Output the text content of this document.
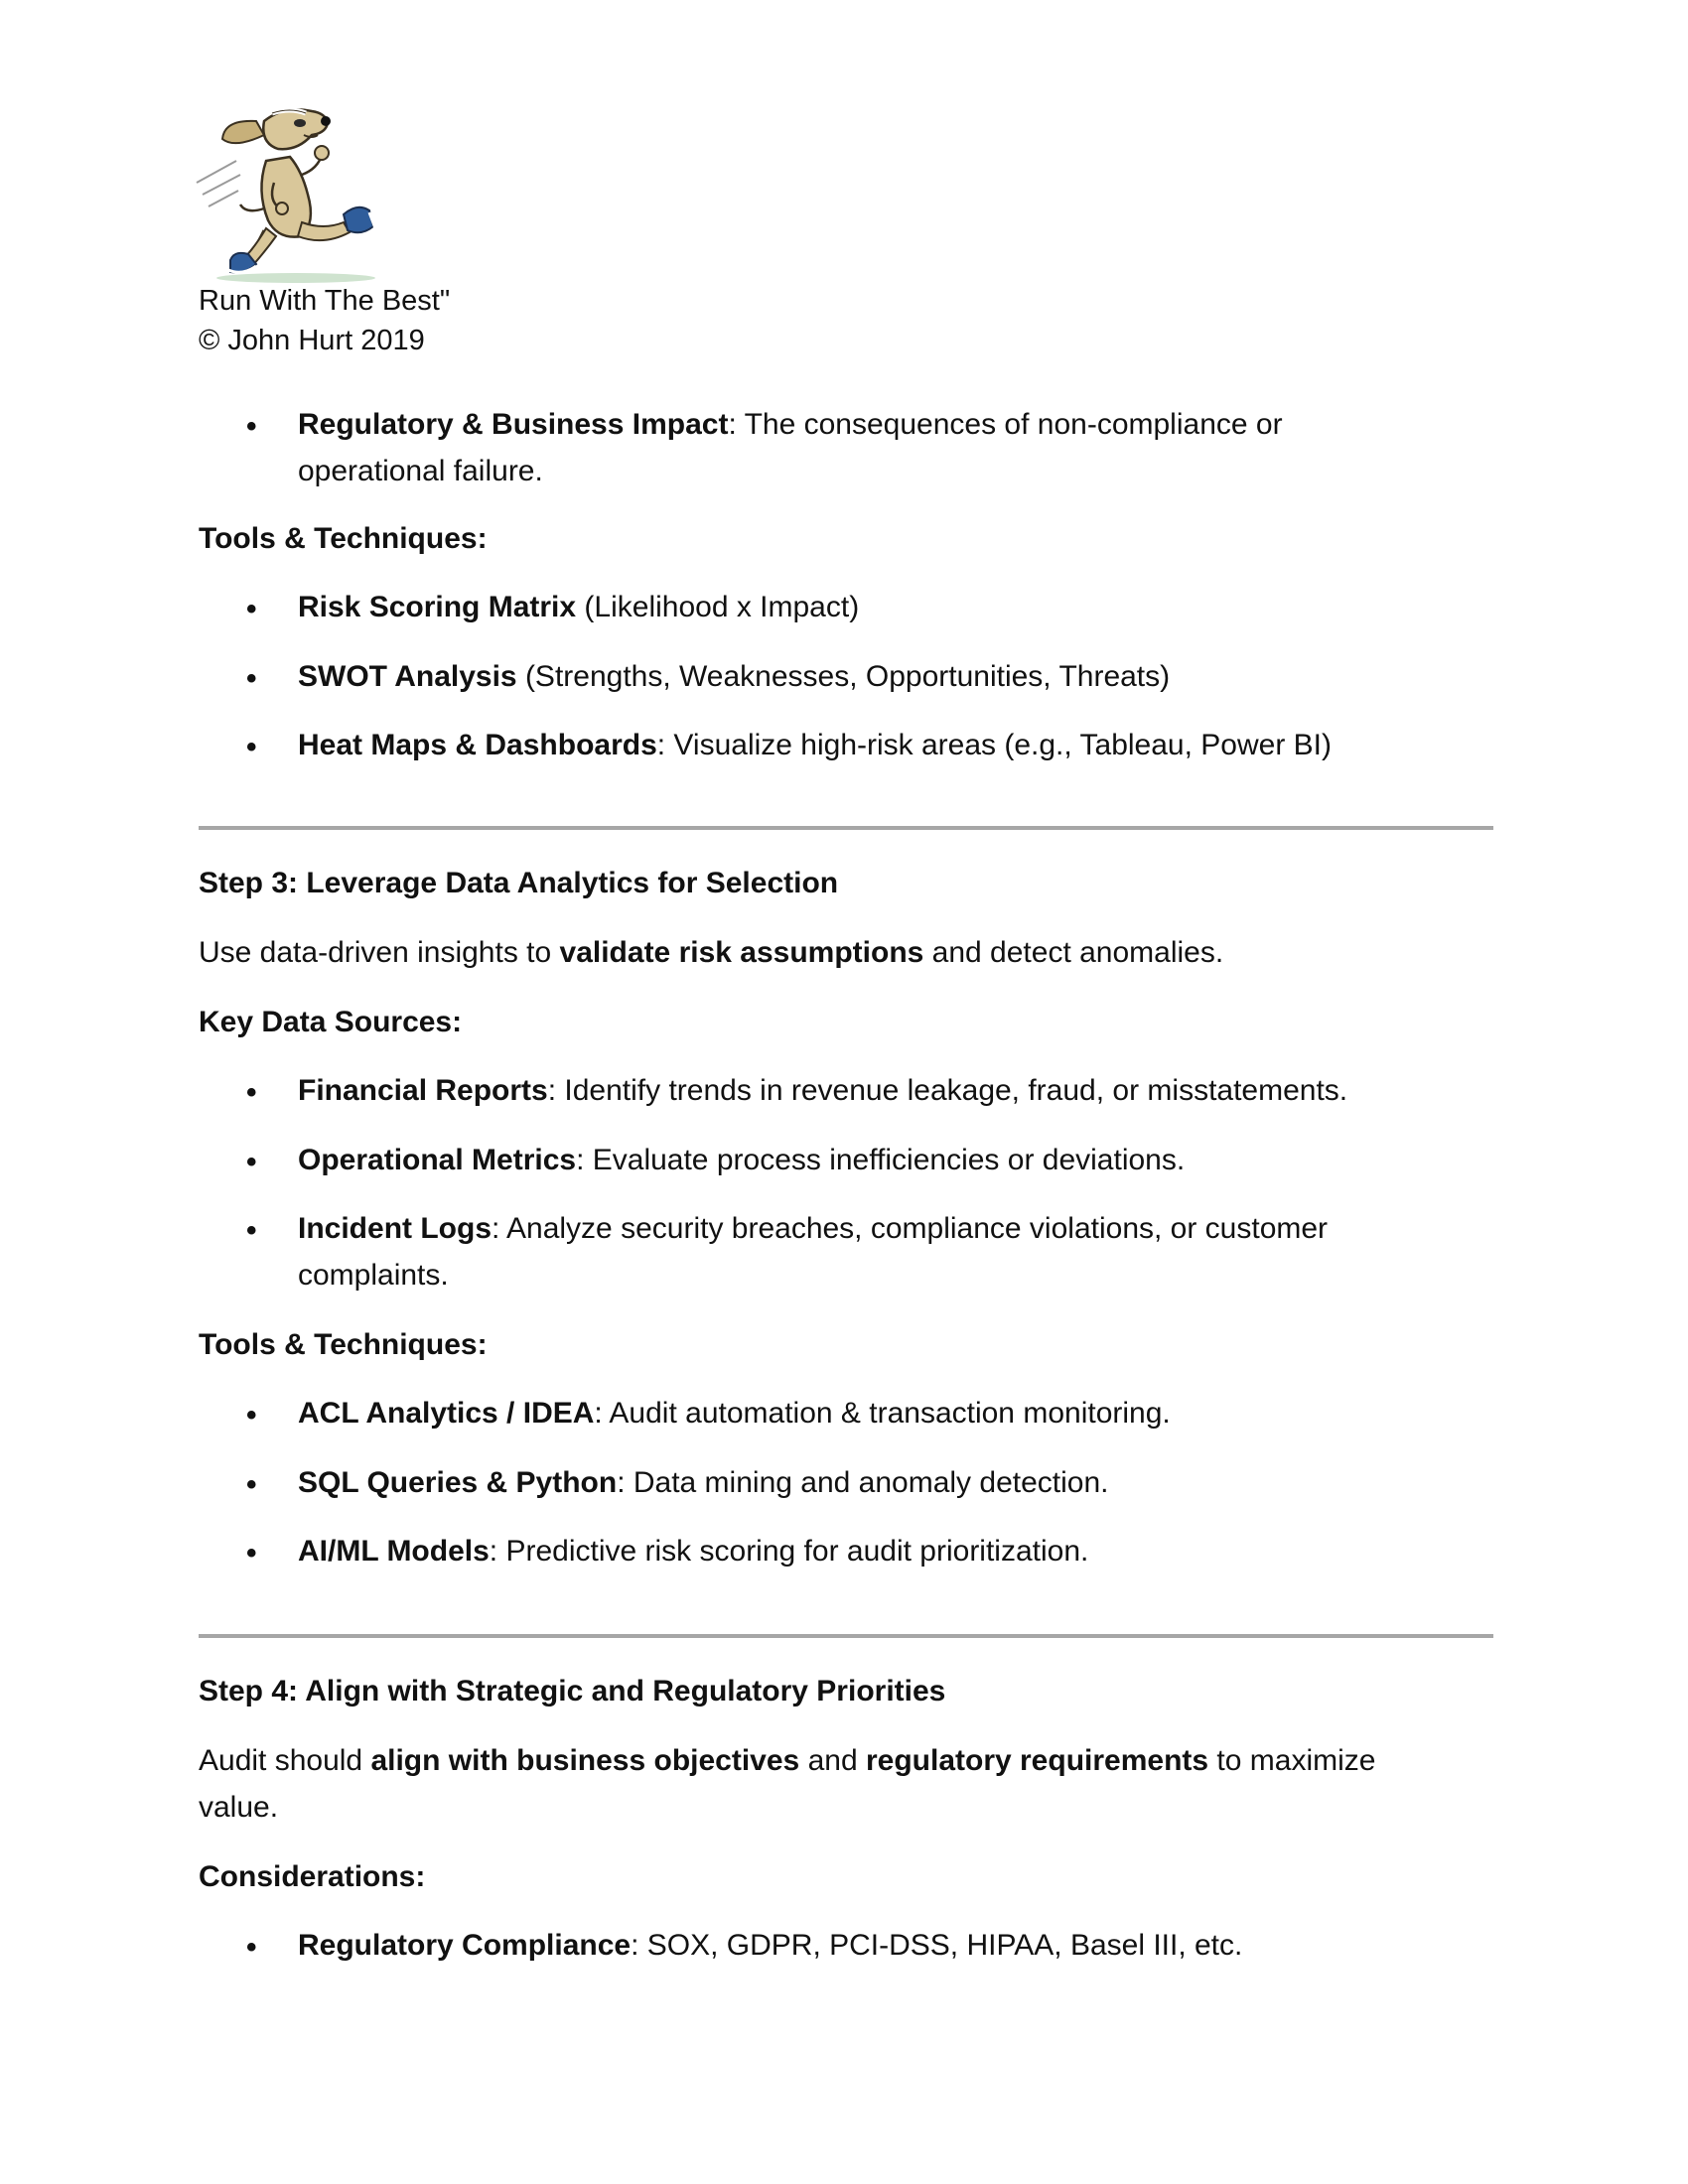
Run With The Best"
© John Hurt 2019
• Regulatory & Business Impact: The consequences of non-compliance or
operational failure.
Tools & Techniques:
• Risk Scoring Matrix (Likelihood x Impact)
• SWOT Analysis (Strengths, Weaknesses, Opportunities, Threats)
• Heat Maps & Dashboards: Visualize high-risk areas (e.g., Tableau, Power BI)
Step 3: Leverage Data Analytics for Selection
Use data-driven insights to validate risk assumptions and detect anomalies.
Key Data Sources:
• Financial Reports: Identify trends in revenue leakage, fraud, or misstatements.
• Operational Metrics: Evaluate process inefficiencies or deviations.
• Incident Logs: Analyze security breaches, compliance violations, or customer
complaints.
Tools & Techniques:
• ACL Analytics / IDEA: Audit automation & transaction monitoring.
• SQL Queries & Python: Data mining and anomaly detection.
• AI/ML Models: Predictive risk scoring for audit prioritization.
Step 4: Align with Strategic and Regulatory Priorities
Audit should align with business objectives and regulatory requirements to maximize
value.
Considerations:
• Regulatory Compliance: SOX, GDPR, PCI-DSS, HIPAA, Basel III, etc.
